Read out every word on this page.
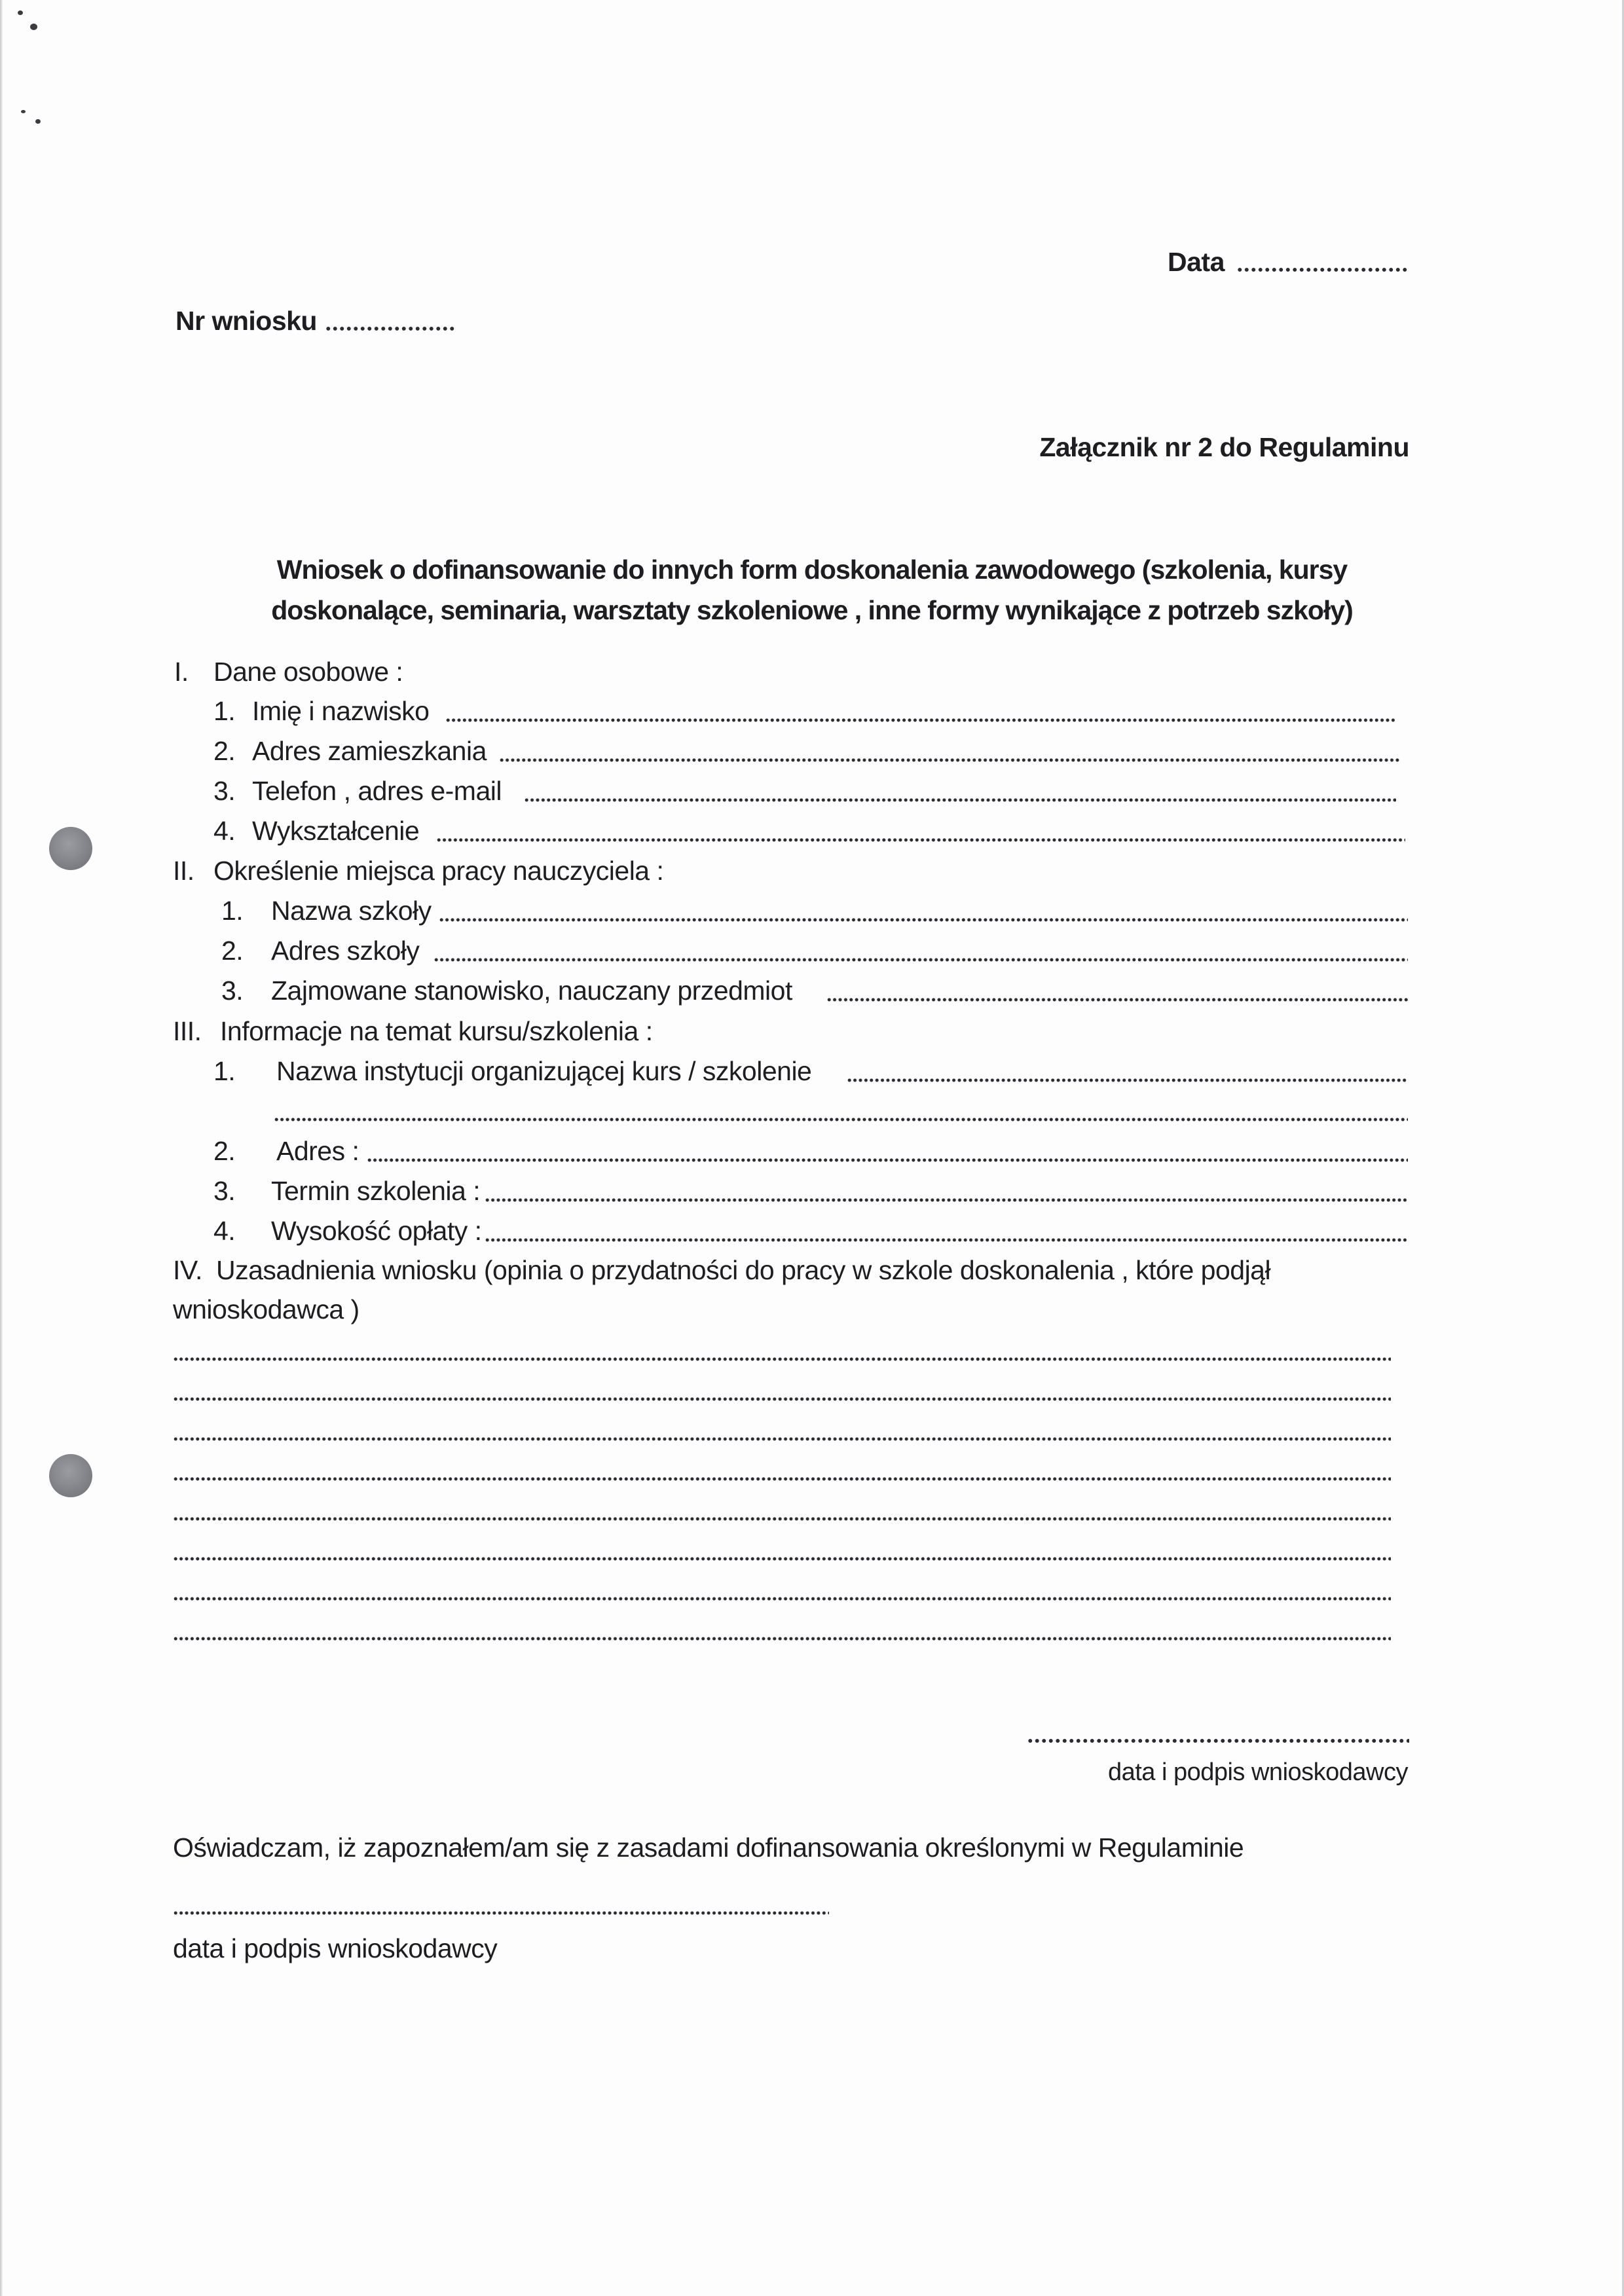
Data
Nr wniosku
Załącznik nr 2 do Regulaminu
Wniosek o dofinansowanie do innych form doskonalenia zawodowego (szkolenia, kursy
doskonalące, seminaria, warsztaty szkoleniowe , inne formy wynikające z potrzeb szkoły)
I. Dane osobowe :
1. Imię i nazwisko
2. Adres zamieszkania
3. Telefon , adres e-mail
4. Wykształcenie
II. Określenie miejsca pracy nauczyciela :
1. Nazwa szkoły
2. Adres szkoły
3. Zajmowane stanowisko, nauczany przedmiot
III. Informacje na temat kursu/szkolenia :
1. Nazwa instytucji organizującej kurs / szkolenie
2. Adres :
3. Termin szkolenia :
4. Wysokość opłaty :
IV. Uzasadnienia wniosku (opinia o przydatności do pracy w szkole doskonalenia , które podjął
wnioskodawca )
data i podpis wnioskodawcy
Oświadczam, iż zapoznałem/am się z zasadami dofinansowania określonymi w Regulaminie
data i podpis wnioskodawcy
